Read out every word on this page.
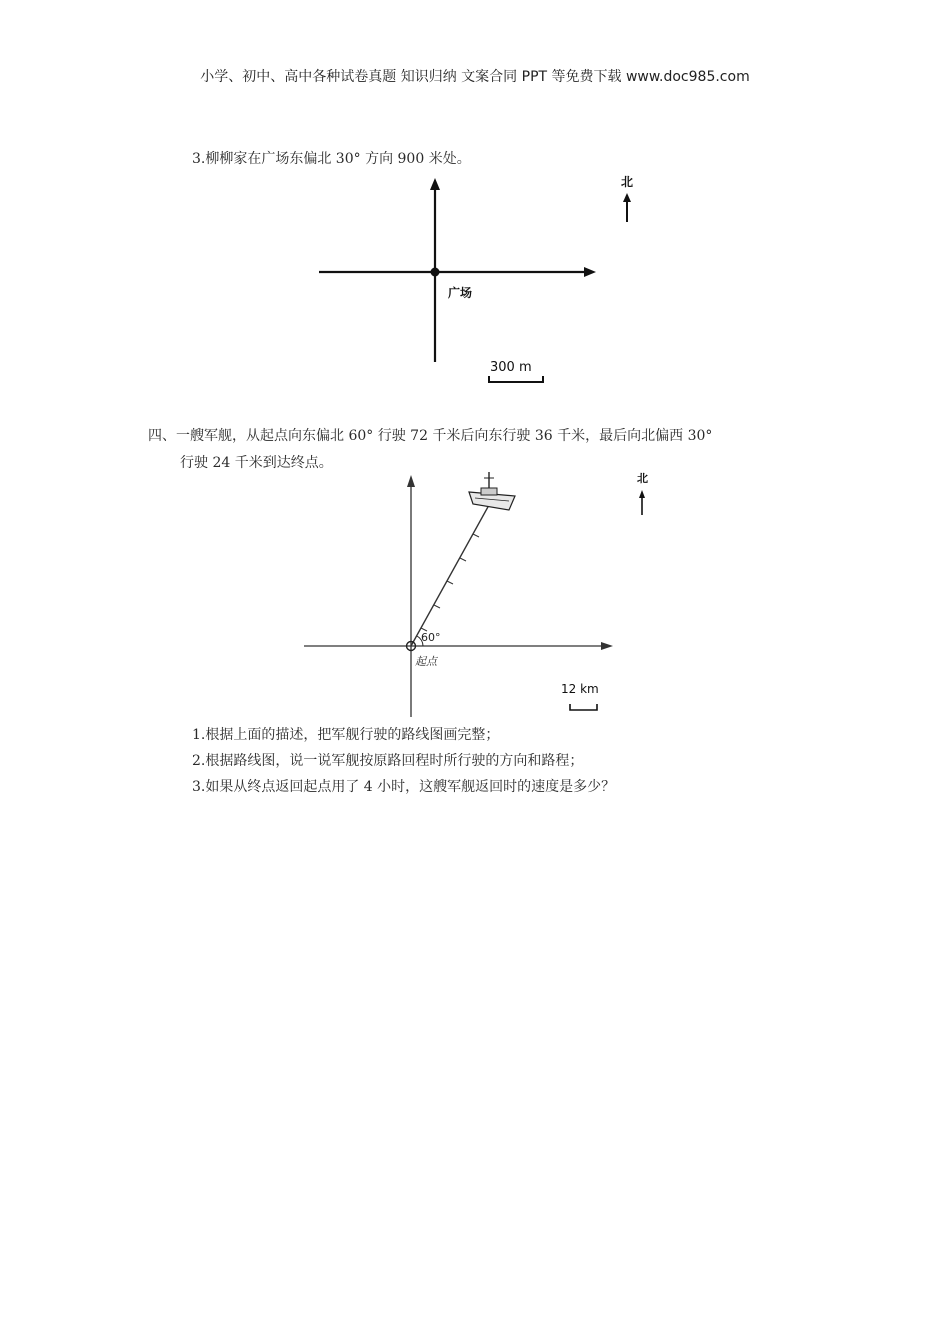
小学、初中、高中各种试卷真题 知识归纳 文案合同 PPT 等免费下载 www.doc985.com
3.柳柳家在广场东偏北 30° 方向 900 米处。
广场
北
300 m
四、一艘军舰，从起点向东偏北 60° 行驶 72 千米后向东行驶 36 千米，最后向北偏西 30°
行驶 24 千米到达终点。
60°
起点
北
12 km
1.根据上面的描述，把军舰行驶的路线图画完整；
2.根据路线图，说一说军舰按原路回程时所行驶的方向和路程；
3.如果从终点返回起点用了 4 小时，这艘军舰返回时的速度是多少？
